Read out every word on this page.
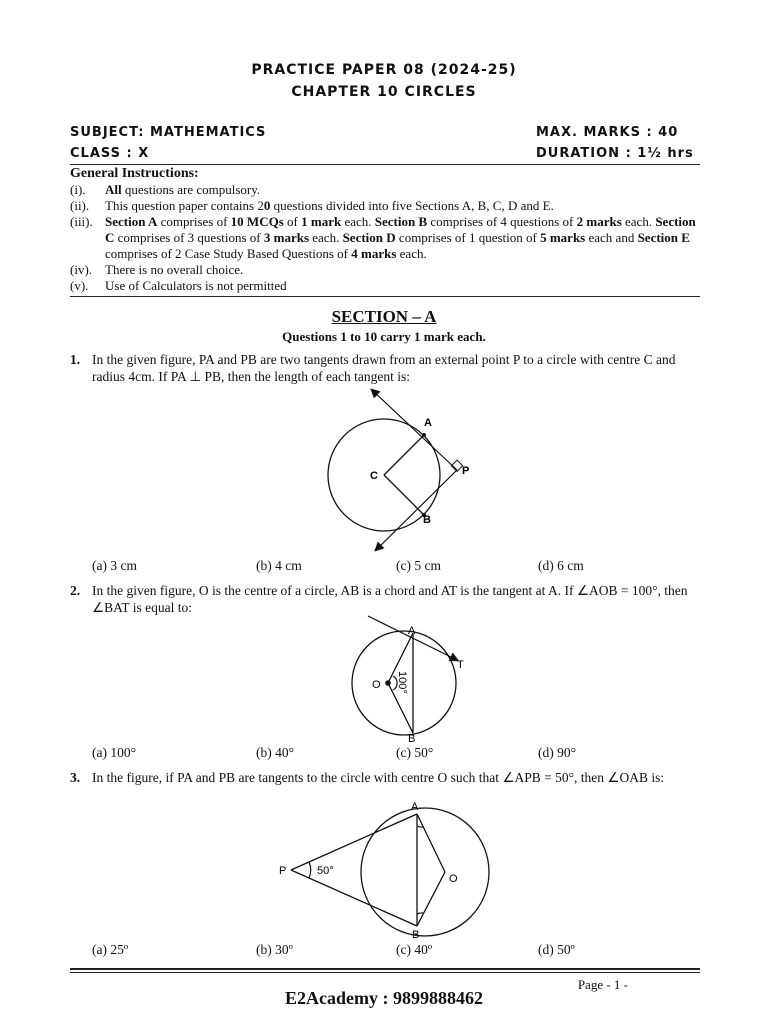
PRACTICE PAPER 08 (2024-25)
CHAPTER 10 CIRCLES
SUBJECT: MATHEMATICS	MAX. MARKS : 40
CLASS : X	DURATION : 1½ hrs
General Instructions:
(i). All questions are compulsory.
(ii). This question paper contains 20 questions divided into five Sections A, B, C, D and E.
(iii). Section A comprises of 10 MCQs of 1 mark each. Section B comprises of 4 questions of 2 marks each. Section C comprises of 3 questions of 3 marks each. Section D comprises of 1 question of 5 marks each and Section E comprises of 2 Case Study Based Questions of 4 marks each.
(iv). There is no overall choice.
(v). Use of Calculators is not permitted
SECTION – A
Questions 1 to 10 carry 1 mark each.
1. In the given figure, PA and PB are two tangents drawn from an external point P to a circle with centre C and radius 4cm. If PA ⊥ PB, then the length of each tangent is:
A
B
C	P
(a) 3 cm	(b) 4 cm	(c) 5 cm	(d) 6 cm
2. In the given figure, O is the centre of a circle, AB is a chord and AT is the tangent at A. If ∠AOB = 100°, then ∠BAT is equal to:
A
B
O
T
100°
(a) 100°	(b) 40°	(c) 50°	(d) 90°
3. In the figure, if PA and PB are tangents to the circle with centre O such that ∠APB = 50°, then ∠OAB is:
A
B
P
O
50°
(a) 25º	(b) 30º	(c) 40º	(d) 50º
Page - 1 -
E2Academy : 9899888462
